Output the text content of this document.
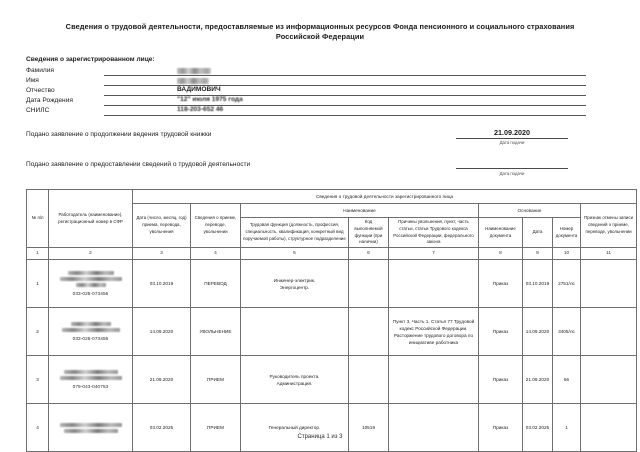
Сведения о трудовой деятельности, предоставляемые из информационных ресурсов Фонда пенсионного и социального страхования Российской Федерации
Сведения о зарегистрированном лице:
Фамилия
Имя
Отчество	ВАДИМОВИЧ
Дата Рождения	"12" июля 1975 года
СНИЛС	118-203-652 46
Подано заявление о продолжении ведения трудовой книжки	21.09.2020
Дата подачи
Подано заявление о предоставлении сведений о трудовой деятельности
Дата подачи
№ п/п	Работодатель (наименование), регистрационный номер в СФР	Сведения о трудовой деятельности зарегистрированного лица								
		Дата (число, месяц, год) приема, перевода, увольнения	Сведения о приеме, переводе, увольнении	Наименование			Основание			Признак отмены записи сведений о приеме, переводе, увольнении
				Трудовая функция (должность, профессия, специальность, квалификация, конкретный вид поручаемой работы), структурное подразделение	Код выполняемой функции (при наличии)	Причины увольнения, пункт, часть статьи, статьи Трудового кодекса Российской Федерации, федерального закона	Наименование документа	Дата	Номер документа	
1	2	3	4	5	6	7	8	9	10	11
1	033-025-073456	03.10.2019	ПЕРЕВОД	Инженер-электрик.
Энергоцентр.			Приказ	03.10.2019	2751/лс	
2	033-025-073456	14.09.2020	УВОЛЬНЕНИЕ			Пункт 3, Часть 1, Статья 77 Трудовой кодекс Российской Федерации. Расторжение трудового договора по инициативе работника	Приказ	14.09.2020	3405/лс	
3	079-043-040753	21.09.2020	ПРИЕМ	Руководитель проекта.
Администрация.			Приказ	21.09.2020	66	
4		03.02.2025	ПРИЕМ	Генеральный директор.	10519		Приказ	03.02.2025	1	
Страница 1 из 3
